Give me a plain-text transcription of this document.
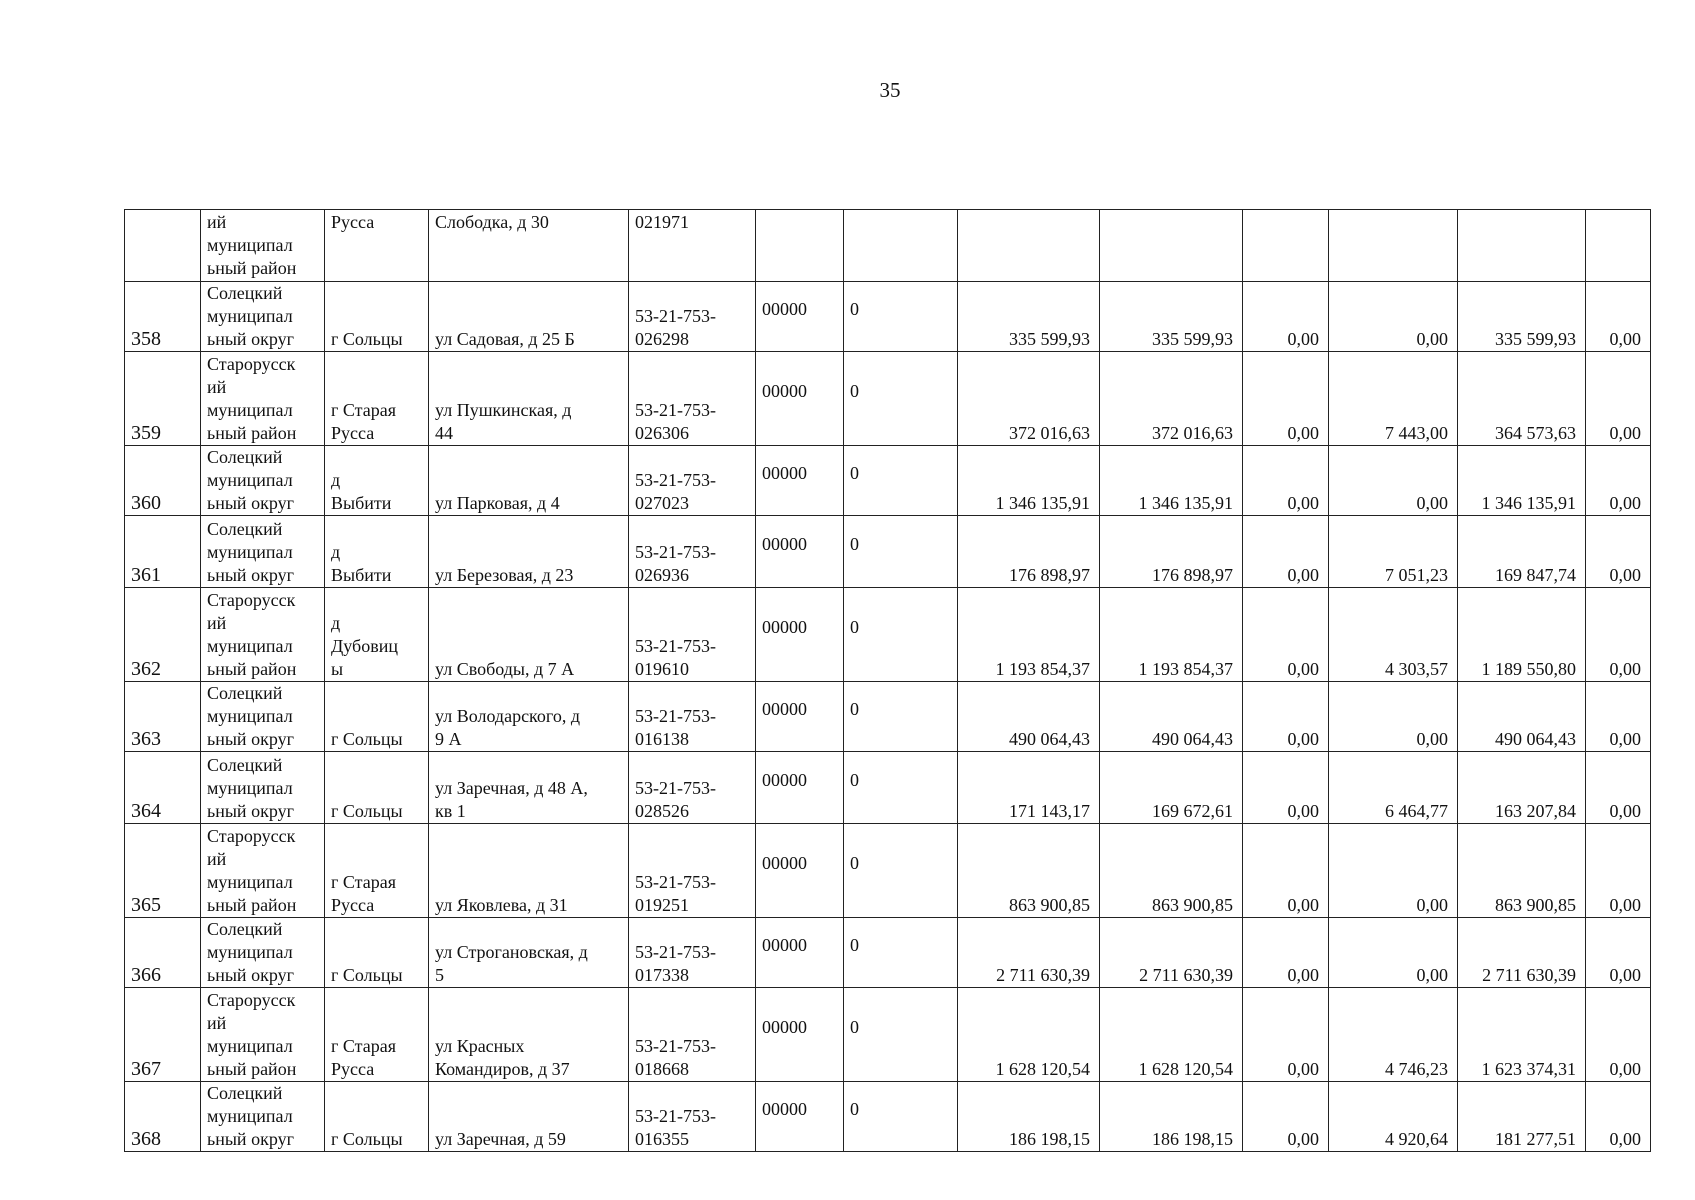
35
	ий
муниципал
ьный район	Русса	Слободка, д 30	021971								
358	Солецкий
муниципал
ьный округ	г Сольцы	ул Садовая, д 25 Б	53-21-753-
026298	00000	0	335 599,93	335 599,93	0,00	0,00	335 599,93	0,00
359	Старорусск
ий
муниципал
ьный район	г Старая
Русса	ул Пушкинская, д
44	53-21-753-
026306	00000	0	372 016,63	372 016,63	0,00	7 443,00	364 573,63	0,00
360	Солецкий
муниципал
ьный округ	д
Выбити	ул Парковая, д 4	53-21-753-
027023	00000	0	1 346 135,91	1 346 135,91	0,00	0,00	1 346 135,91	0,00
361	Солецкий
муниципал
ьный округ	д
Выбити	ул Березовая, д 23	53-21-753-
026936	00000	0	176 898,97	176 898,97	0,00	7 051,23	169 847,74	0,00
362	Старорусск
ий
муниципал
ьный район	д
Дубовиц
ы	ул Свободы, д 7 А	53-21-753-
019610	00000	0	1 193 854,37	1 193 854,37	0,00	4 303,57	1 189 550,80	0,00
363	Солецкий
муниципал
ьный округ	г Сольцы	ул Володарского, д
9 А	53-21-753-
016138	00000	0	490 064,43	490 064,43	0,00	0,00	490 064,43	0,00
364	Солецкий
муниципал
ьный округ	г Сольцы	ул Заречная, д 48 А,
кв 1	53-21-753-
028526	00000	0	171 143,17	169 672,61	0,00	6 464,77	163 207,84	0,00
365	Старорусск
ий
муниципал
ьный район	г Старая
Русса	ул Яковлева, д 31	53-21-753-
019251	00000	0	863 900,85	863 900,85	0,00	0,00	863 900,85	0,00
366	Солецкий
муниципал
ьный округ	г Сольцы	ул Строгановская, д
5	53-21-753-
017338	00000	0	2 711 630,39	2 711 630,39	0,00	0,00	2 711 630,39	0,00
367	Старорусск
ий
муниципал
ьный район	г Старая
Русса	ул Красных
Командиров, д 37	53-21-753-
018668	00000	0	1 628 120,54	1 628 120,54	0,00	4 746,23	1 623 374,31	0,00
368	Солецкий
муниципал
ьный округ	г Сольцы	ул Заречная, д 59	53-21-753-
016355	00000	0	186 198,15	186 198,15	0,00	4 920,64	181 277,51	0,00
